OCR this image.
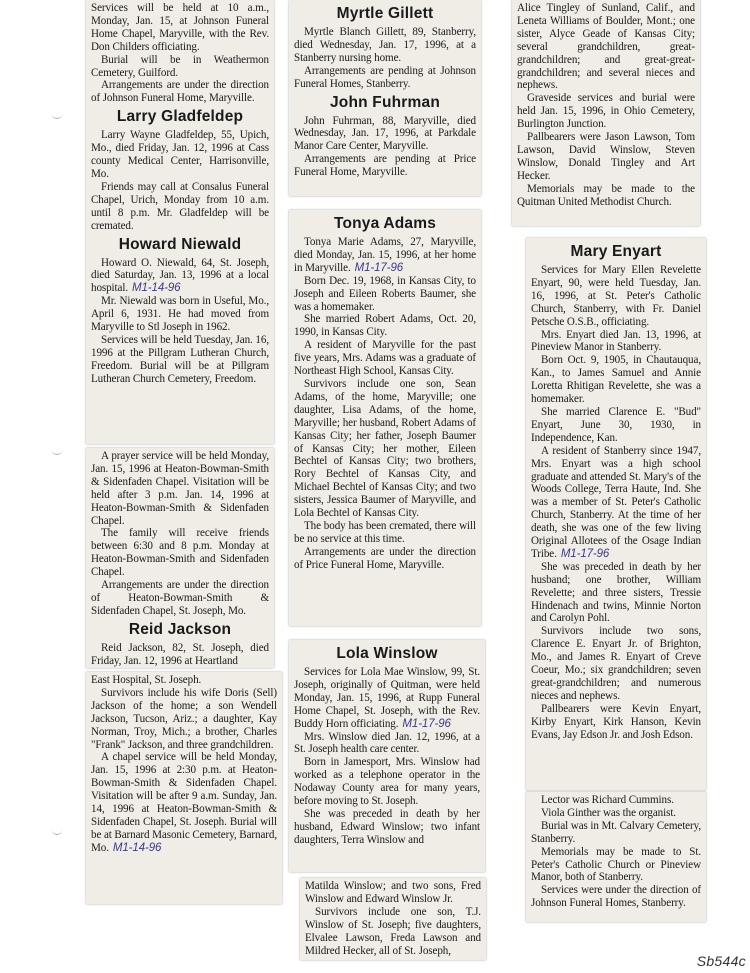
Services will be held at 10 a.m., Monday, Jan. 15, at Johnson Funeral Home Chapel, Maryville, with the Rev. Don Childers officiating.

Burial will be in Weathermon Cemetery, Guilford.

Arrangements are under the direction of Johnson Funeral Home, Maryville.

Larry Gladfeldep

Larry Wayne Gladfeldep, 55, Upich, Mo., died Friday, Jan. 12, 1996 at Cass county Medical Center, Harrisonville, Mo.

Friends may call at Consalus Funeral Chapel, Urich, Monday from 10 a.m. until 8 p.m. Mr. Gladfeldep will be cremated.

Howard Niewald

Howard O. Niewald, 64, St. Joseph, died Saturday, Jan. 13, 1996 at a local hospital. M1-14-96

Mr. Niewald was born in Useful, Mo., April 6, 1931. He had moved from Maryville to Stl Joseph in 1962.

Services will be held Tuesday, Jan. 16, 1996 at the Pillgram Lutheran Church, Freedom. Burial will be at Pillgram Lutheran Church Cemetery, Freedom.

A prayer service will be held Monday, Jan. 15, 1996 at Heaton-Bowman-Smith & Sidenfaden Chapel. Visitation will be held after 3 p.m. Jan. 14, 1996 at Heaton-Bowman-Smith & Sidenfaden Chapel.

The family will receive friends between 6:30 and 8 p.m. Monday at Heaton-Bowman-Smith and Sidenfaden Chapel.

Arrangements are under the direction of Heaton-Bowman-Smith & Sidenfaden Chapel, St. Joseph, Mo.

Reid Jackson

Reid Jackson, 82, St. Joseph, died Friday, Jan. 12, 1996 at Heartland

East Hospital, St. Joseph.

Survivors include his wife Doris (Sell) Jackson of the home; a son Wendell Jackson, Tucson, Ariz.; a daughter, Kay Norman, Troy, Mich.; a brother, Charles "Frank" Jackson, and three grandchildren.

A chapel service will be held Monday, Jan. 15, 1996 at 2:30 p.m. at Heaton-Bowman-Smith & Sidenfaden Chapel. Visitation will be after 9 a.m. Sunday, Jan. 14, 1996 at Heaton-Bowman-Smith & Sidenfaden Chapel, St. Joseph. Burial will be at Barnard Masonic Cemetery, Barnard, Mo. M1-14-96

Myrtle Gillett

Myrtle Blanch Gillett, 89, Stanberry, died Wednesday, Jan. 17, 1996, at a Stanberry nursing home.

Arrangements are pending at Johnson Funeral Homes, Stanberry.

John Fuhrman

John Fuhrman, 88, Maryville, died Wednesday, Jan. 17, 1996, at Parkdale Manor Care Center, Maryville.

Arrangements are pending at Price Funeral Home, Maryville.

Tonya Adams

Tonya Marie Adams, 27, Maryville, died Monday, Jan. 15, 1996, at her home in Maryville. M1-17-96

Born Dec. 19, 1968, in Kansas City, to Joseph and Eileen Roberts Baumer, she was a homemaker.

She married Robert Adams, Oct. 20, 1990, in Kansas City.

A resident of Maryville for the past five years, Mrs. Adams was a graduate of Northeast High School, Kansas City.

Survivors include one son, Sean Adams, of the home, Maryville; one daughter, Lisa Adams, of the home, Maryville; her husband, Robert Adams of Kansas City; her father, Joseph Baumer of Kansas City; her mother, Eileen Bechtel of Kansas City; two brothers, Rory Bechtel of Kansas City, and Michael Bechtel of Kansas City; and two sisters, Jessica Baumer of Maryville, and Lola Bechtel of Kansas City.

The body has been cremated, there will be no service at this time.

Arrangements are under the direction of Price Funeral Home, Maryville.

Lola Winslow

Services for Lola Mae Winslow, 99, St. Joseph, originally of Quitman, were held Monday, Jan. 15, 1996, at Rupp Funeral Home Chapel, St. Joseph, with the Rev. Buddy Horn officiating. M1-17-96

Mrs. Winslow died Jan. 12, 1996, at a St. Joseph health care center.

Born in Jamesport, Mrs. Winslow had worked as a telephone operator in the Nodaway County area for many years, before moving to St. Joseph.

She was preceded in death by her husband, Edward Winslow; two infant daughters, Terra Winslow and

Matilda Winslow; and two sons, Fred Winslow and Edward Winslow Jr.

Survivors include one son, T.J. Winslow of St. Joseph; five daughters, Elvalee Lawson, Freda Lawson and Mildred Hecker, all of St. Joseph,

Alice Tingley of Sunland, Calif., and Leneta Williams of Boulder, Mont.; one sister, Alyce Geade of Kansas City; several grandchildren, great-grandchildren; and great-great-grandchildren; and several nieces and nephews.

Graveside services and burial were held Jan. 15, 1996, in Ohio Cemetery, Burlington Junction.

Pallbearers were Jason Lawson, Tom Lawson, David Winslow, Steven Winslow, Donald Tingley and Art Hecker.

Memorials may be made to the Quitman United Methodist Church.

Mary Enyart

Services for Mary Ellen Revelette Enyart, 90, were held Tuesday, Jan. 16, 1996, at St. Peter's Catholic Church, Stanberry, with Fr. Daniel Petsche O.S.B., officiating.

Mrs. Enyart died Jan. 13, 1996, at Pineview Manor in Stanberry.

Born Oct. 9, 1905, in Chautauqua, Kan., to James Samuel and Annie Loretta Rhitigan Revelette, she was a homemaker.

She married Clarence E. "Bud" Enyart, June 30, 1930, in Independence, Kan.

A resident of Stanberry since 1947, Mrs. Enyart was a high school graduate and attended St. Mary's of the Woods College, Terra Haute, Ind. She was a member of St. Peter's Catholic Church, Stanberry. At the time of her death, she was one of the few living Original Allotees of the Osage Indian Tribe. M1-17-96

She was preceded in death by her husband; one brother, William Revelette; and three sisters, Tressie Hindenach and twins, Minnie Norton and Carolyn Pohl.

Survivors include two sons, Clarence E. Enyart Jr. of Brighton, Mo., and James R. Enyart of Creve Coeur, Mo.; six grandchildren; seven great-grandchildren; and numerous nieces and nephews.

Pallbearers were Kevin Enyart, Kirby Enyart, Kirk Hanson, Kevin Evans, Jay Edson Jr. and Josh Edson.

Lector was Richard Cummins.

Viola Ginther was the organist.

Burial was in Mt. Calvary Cemetery, Stanberry.

Memorials may be made to St. Peter's Catholic Church or Pineview Manor, both of Stanberry.

Services were under the direction of Johnson Funeral Homes, Stanberry.

Sb544c
